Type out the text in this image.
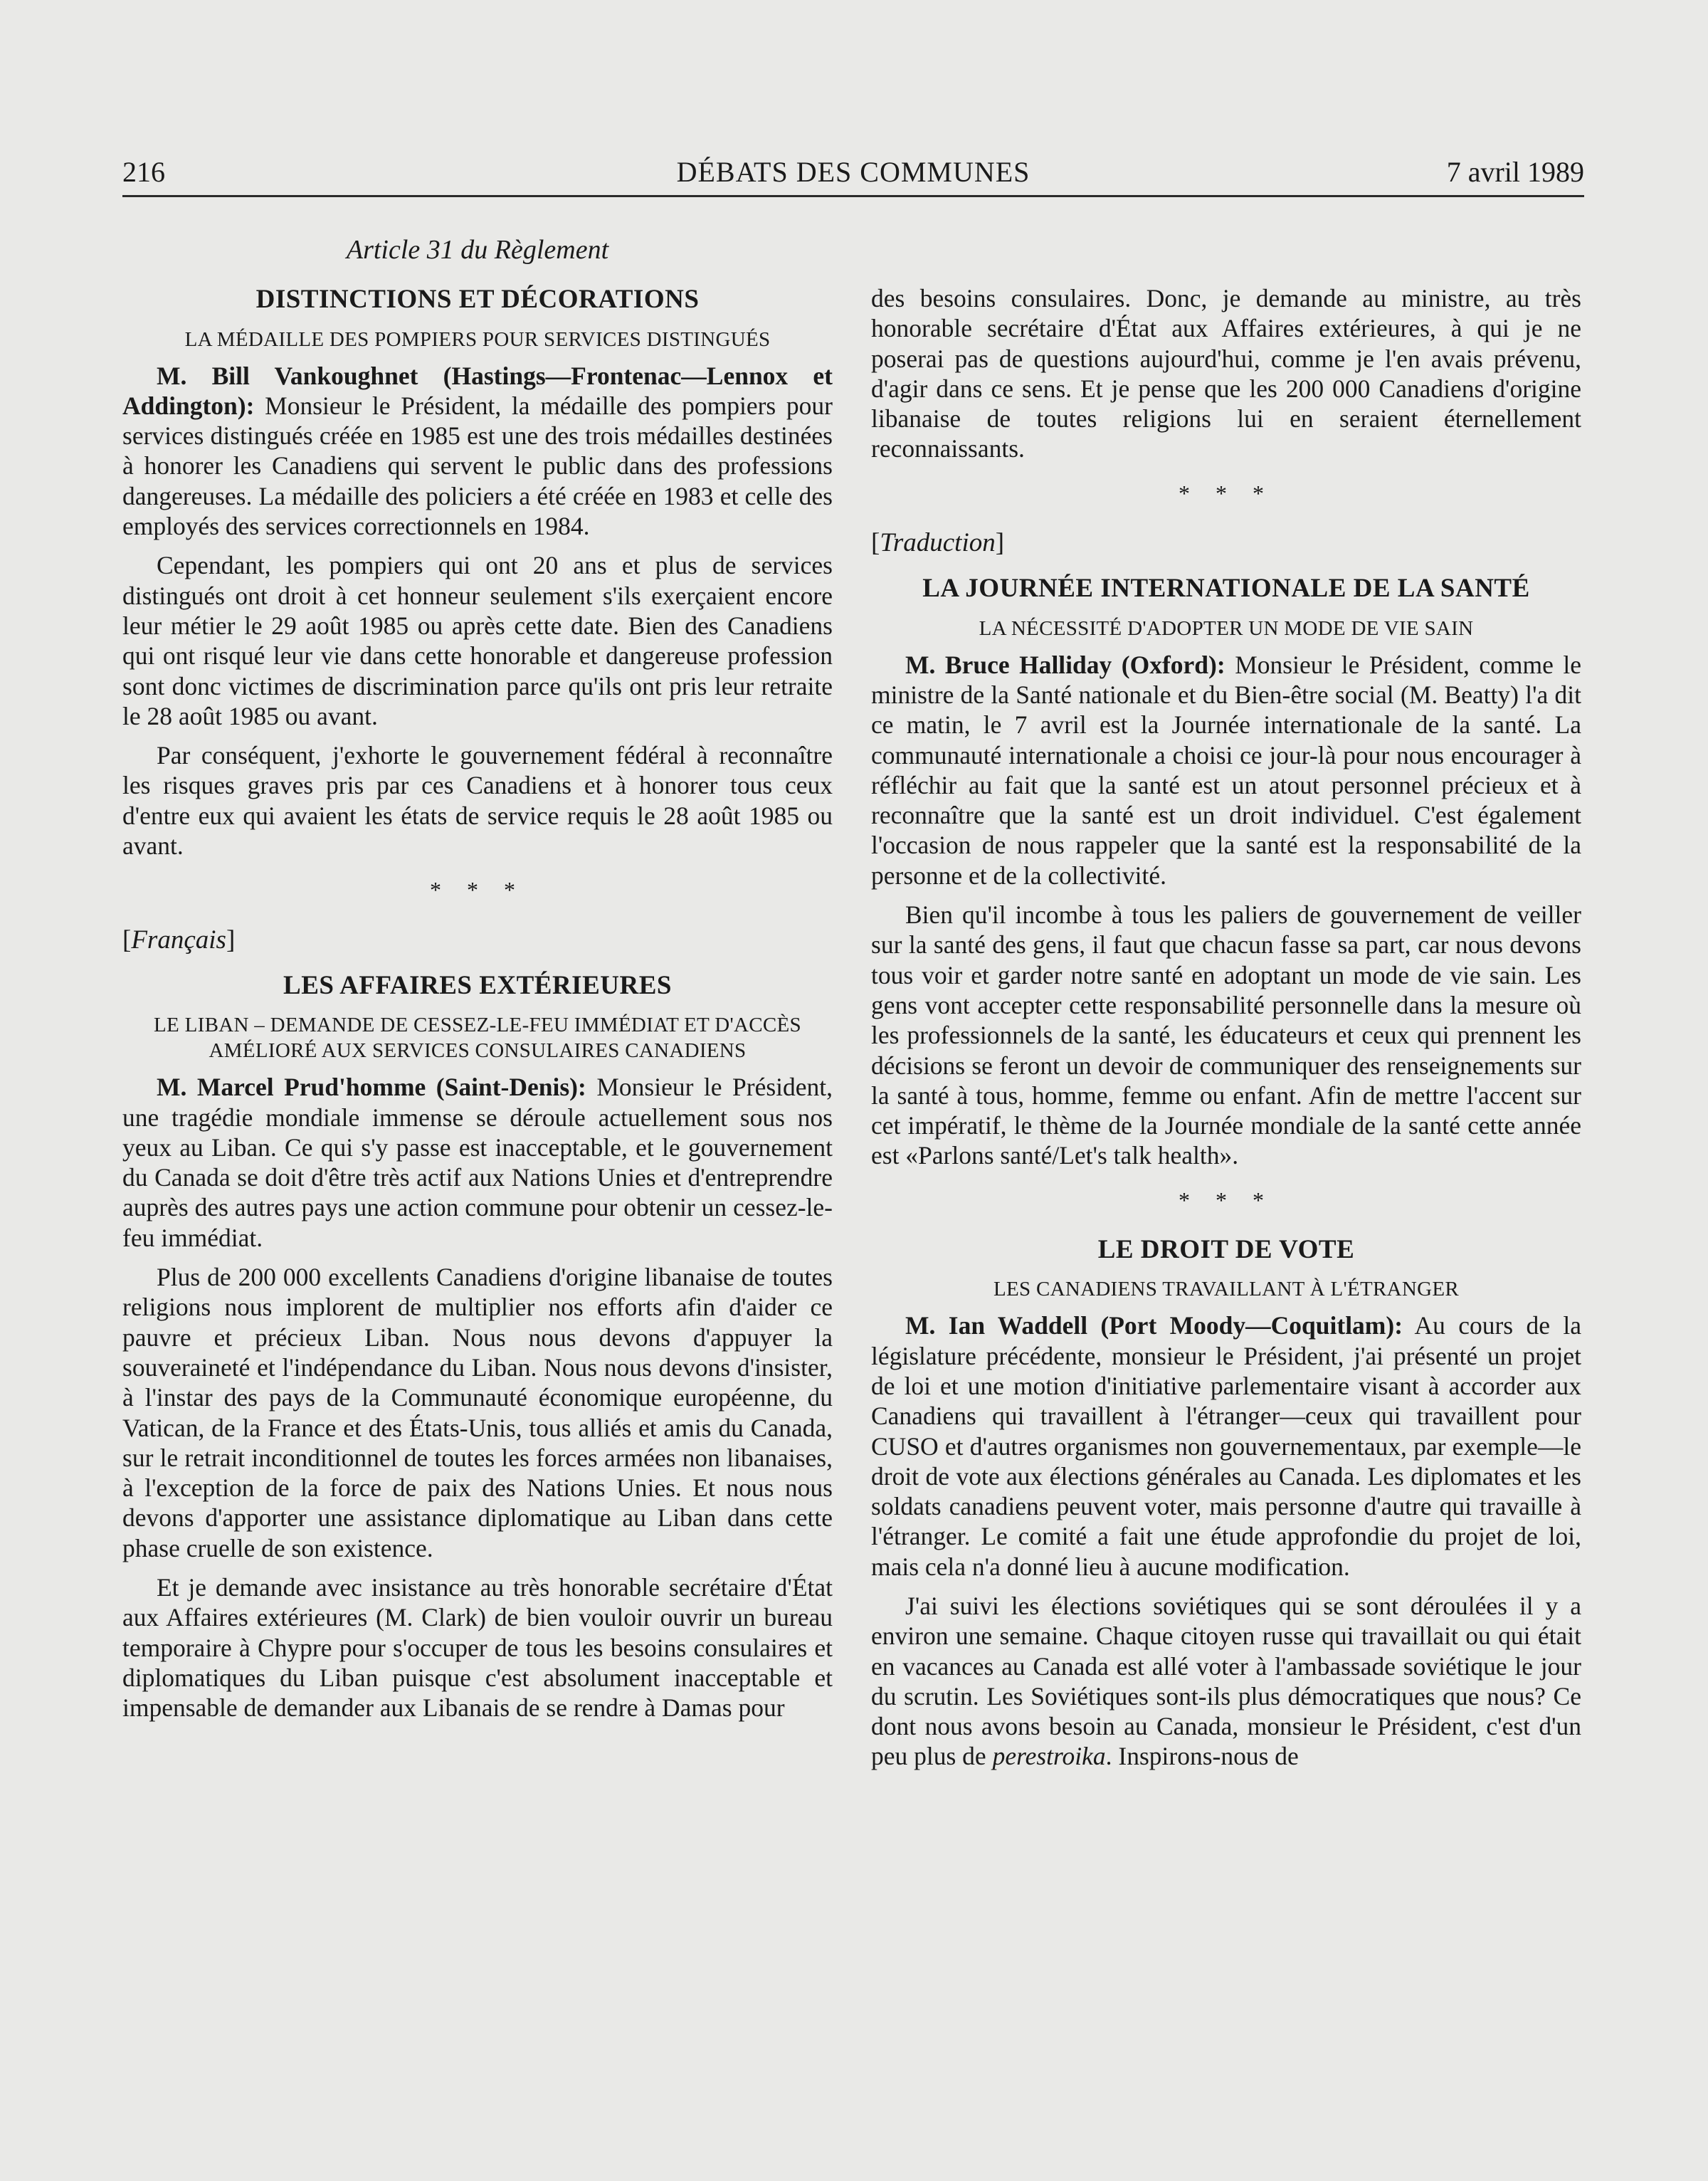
216	DÉBATS DES COMMUNES	7 avril 1989
Article 31 du Règlement
DISTINCTIONS ET DÉCORATIONS
LA MÉDAILLE DES POMPIERS POUR SERVICES DISTINGUÉS

M. Bill Vankoughnet (Hastings—Frontenac—Lennox et Addington): Monsieur le Président, la médaille des pompiers pour services distingués créée en 1985 est une des trois médailles destinées à honorer les Canadiens qui servent le public dans des professions dangereuses. La médaille des policiers a été créée en 1983 et celle des employés des services correctionnels en 1984.

Cependant, les pompiers qui ont 20 ans et plus de services distingués ont droit à cet honneur seulement s'ils exerçaient encore leur métier le 29 août 1985 ou après cette date. Bien des Canadiens qui ont risqué leur vie dans cette honorable et dangereuse profession sont donc victimes de discrimination parce qu'ils ont pris leur retraite le 28 août 1985 ou avant.

Par conséquent, j'exhorte le gouvernement fédéral à reconnaître les risques graves pris par ces Canadiens et à honorer tous ceux d'entre eux qui avaient les états de service requis le 28 août 1985 ou avant.

* * *
[Français]
LES AFFAIRES EXTÉRIEURES
LE LIBAN – DEMANDE DE CESSEZ-LE-FEU IMMÉDIAT ET D'ACCÈS AMÉLIORÉ AUX SERVICES CONSULAIRES CANADIENS

M. Marcel Prud'homme (Saint-Denis): Monsieur le Président, une tragédie mondiale immense se déroule actuellement sous nos yeux au Liban. Ce qui s'y passe est inacceptable, et le gouvernement du Canada se doit d'être très actif aux Nations Unies et d'entreprendre auprès des autres pays une action commune pour obtenir un cessez-le-feu immédiat.

Plus de 200 000 excellents Canadiens d'origine libanaise de toutes religions nous implorent de multiplier nos efforts afin d'aider ce pauvre et précieux Liban. Nous nous devons d'appuyer la souveraineté et l'indépendance du Liban. Nous nous devons d'insister, à l'instar des pays de la Communauté économique européenne, du Vatican, de la France et des États-Unis, tous alliés et amis du Canada, sur le retrait inconditionnel de toutes les forces armées non libanaises, à l'exception de la force de paix des Nations Unies. Et nous nous devons d'apporter une assistance diplomatique au Liban dans cette phase cruelle de son existence.

Et je demande avec insistance au très honorable secrétaire d'État aux Affaires extérieures (M. Clark) de bien vouloir ouvrir un bureau temporaire à Chypre pour s'occuper de tous les besoins consulaires et diplomatiques du Liban puisque c'est absolument inacceptable et impensable de demander aux Libanais de se rendre à Damas pour

des besoins consulaires. Donc, je demande au ministre, au très honorable secrétaire d'État aux Affaires extérieures, à qui je ne poserai pas de questions aujourd'hui, comme je l'en avais prévenu, d'agir dans ce sens. Et je pense que les 200 000 Canadiens d'origine libanaise de toutes religions lui en seraient éternellement reconnaissants.

* * *
[Traduction]
LA JOURNÉE INTERNATIONALE DE LA SANTÉ
LA NÉCESSITÉ D'ADOPTER UN MODE DE VIE SAIN

M. Bruce Halliday (Oxford): Monsieur le Président, comme le ministre de la Santé nationale et du Bien-être social (M. Beatty) l'a dit ce matin, le 7 avril est la Journée internationale de la santé. La communauté internationale a choisi ce jour-là pour nous encourager à réfléchir au fait que la santé est un atout personnel précieux et à reconnaître que la santé est un droit individuel. C'est également l'occasion de nous rappeler que la santé est la responsabilité de la personne et de la collectivité.

Bien qu'il incombe à tous les paliers de gouvernement de veiller sur la santé des gens, il faut que chacun fasse sa part, car nous devons tous voir et garder notre santé en adoptant un mode de vie sain. Les gens vont accepter cette responsabilité personnelle dans la mesure où les professionnels de la santé, les éducateurs et ceux qui prennent les décisions se feront un devoir de communiquer des renseignements sur la santé à tous, homme, femme ou enfant. Afin de mettre l'accent sur cet impératif, le thème de la Journée mondiale de la santé cette année est «Parlons santé/Let's talk health».

* * *
LE DROIT DE VOTE
LES CANADIENS TRAVAILLANT À L'ÉTRANGER

M. Ian Waddell (Port Moody—Coquitlam): Au cours de la législature précédente, monsieur le Président, j'ai présenté un projet de loi et une motion d'initiative parlementaire visant à accorder aux Canadiens qui travaillent à l'étranger—ceux qui travaillent pour CUSO et d'autres organismes non gouvernementaux, par exemple—le droit de vote aux élections générales au Canada. Les diplomates et les soldats canadiens peuvent voter, mais personne d'autre qui travaille à l'étranger. Le comité a fait une étude approfondie du projet de loi, mais cela n'a donné lieu à aucune modification.

J'ai suivi les élections soviétiques qui se sont déroulées il y a environ une semaine. Chaque citoyen russe qui travaillait ou qui était en vacances au Canada est allé voter à l'ambassade soviétique le jour du scrutin. Les Soviétiques sont-ils plus démocratiques que nous? Ce dont nous avons besoin au Canada, monsieur le Président, c'est d'un peu plus de perestroika. Inspirons-nous de
